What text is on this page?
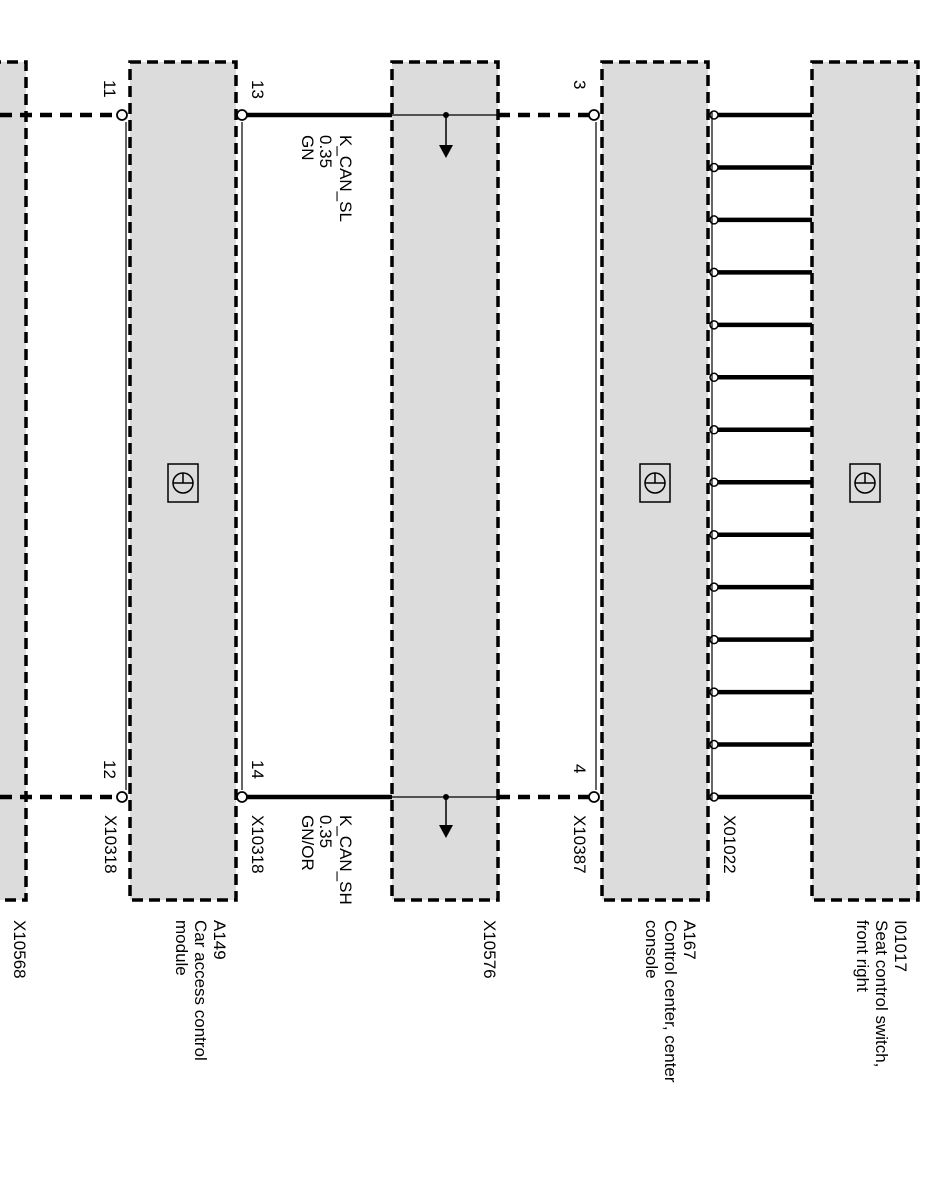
11
12
13
14
3
4
X10318	X10318	X10387	X01022
K_CAN_SL
0.35
GN
K_CAN_SH
0.35
GN/OR
X10568	A149
Car access control
module	X10576	A167
Control center, center
console	I01017
Seat control switch,
front right
